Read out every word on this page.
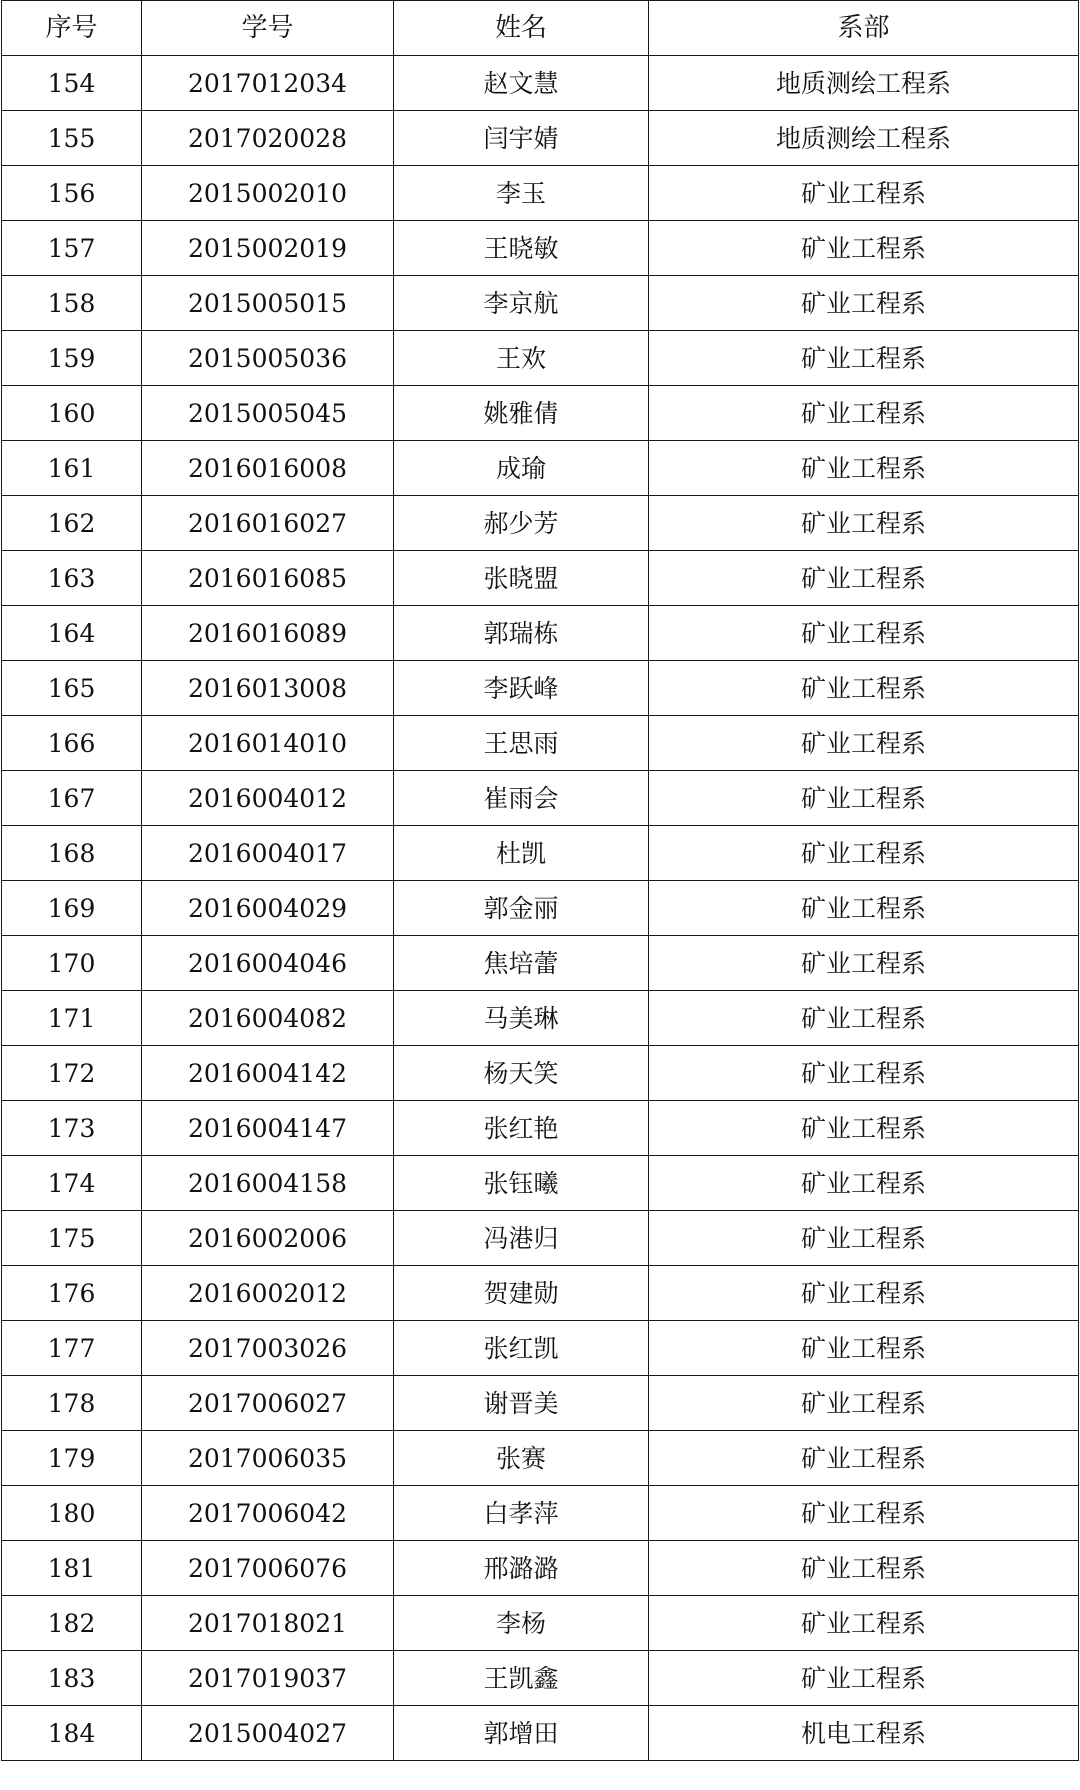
序号	学号	姓名	系部
154	2017012034	赵文慧	地质测绘工程系
155	2017020028	闫宇婧	地质测绘工程系
156	2015002010	李玉	矿业工程系
157	2015002019	王晓敏	矿业工程系
158	2015005015	李京航	矿业工程系
159	2015005036	王欢	矿业工程系
160	2015005045	姚雅倩	矿业工程系
161	2016016008	成瑜	矿业工程系
162	2016016027	郝少芳	矿业工程系
163	2016016085	张晓盟	矿业工程系
164	2016016089	郭瑞栋	矿业工程系
165	2016013008	李跃峰	矿业工程系
166	2016014010	王思雨	矿业工程系
167	2016004012	崔雨会	矿业工程系
168	2016004017	杜凯	矿业工程系
169	2016004029	郭金丽	矿业工程系
170	2016004046	焦培蕾	矿业工程系
171	2016004082	马美琳	矿业工程系
172	2016004142	杨天笑	矿业工程系
173	2016004147	张红艳	矿业工程系
174	2016004158	张钰曦	矿业工程系
175	2016002006	冯港归	矿业工程系
176	2016002012	贺建勋	矿业工程系
177	2017003026	张红凯	矿业工程系
178	2017006027	谢晋美	矿业工程系
179	2017006035	张赛	矿业工程系
180	2017006042	白孝萍	矿业工程系
181	2017006076	邢潞潞	矿业工程系
182	2017018021	李杨	矿业工程系
183	2017019037	王凯鑫	矿业工程系
184	2015004027	郭增田	机电工程系
